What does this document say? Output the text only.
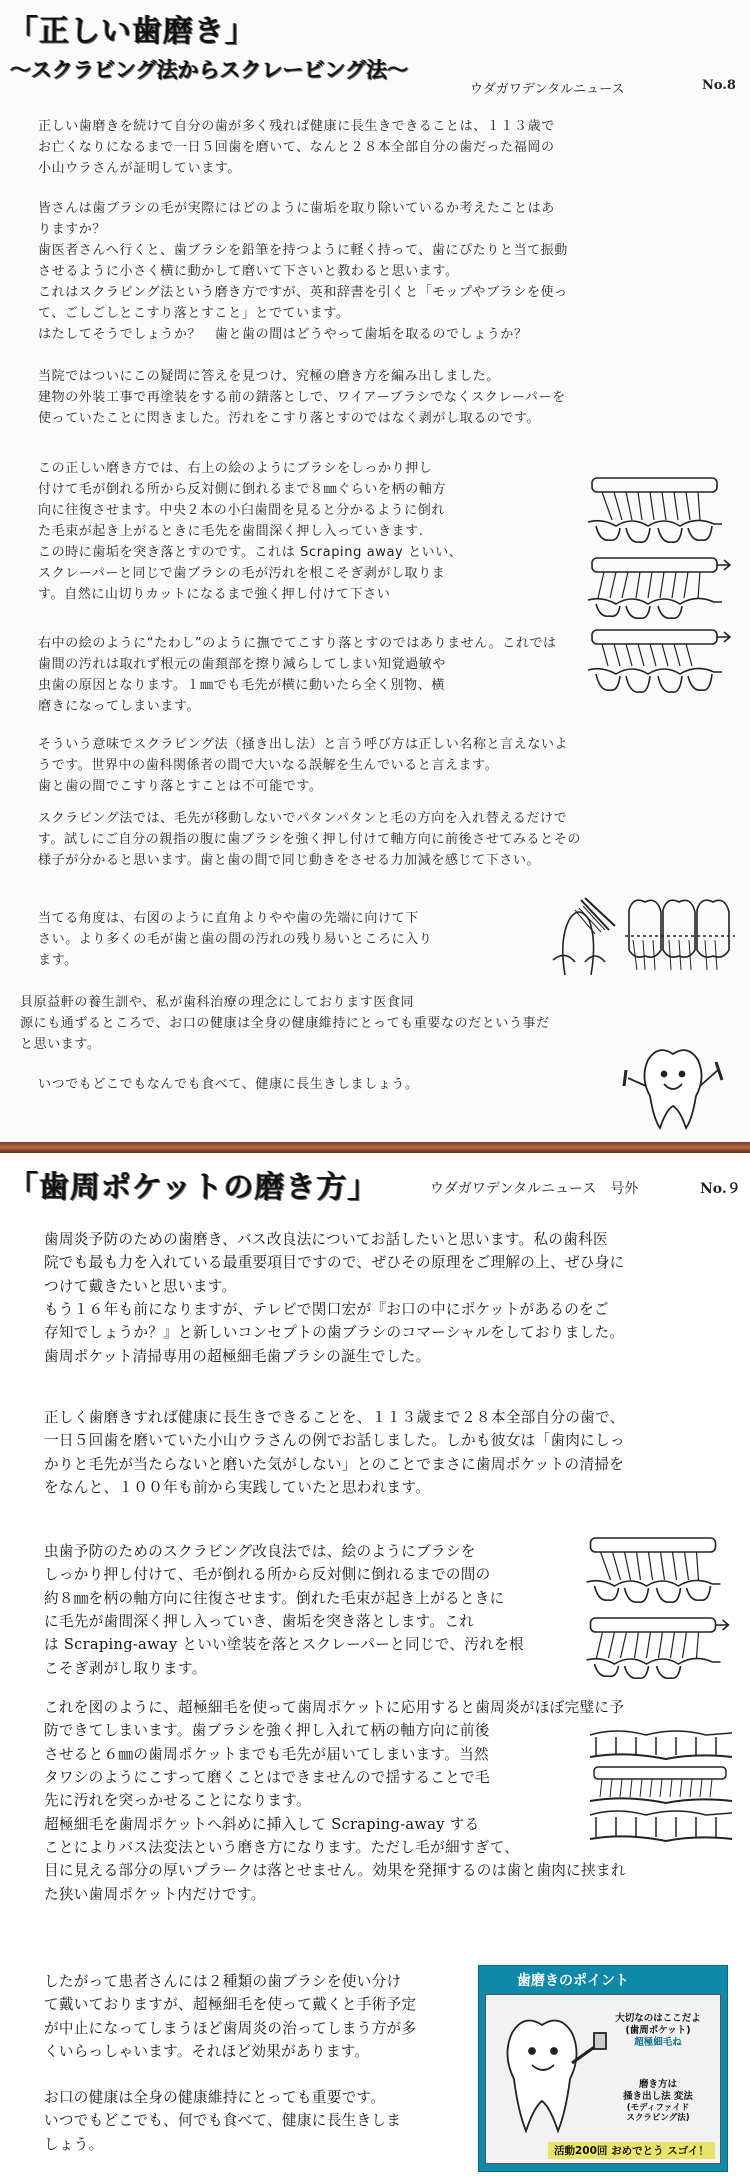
「正しい歯磨き」
～スクラビング法からスクレービング法～
ウダガワデンタルニュース	No.8
正しい歯磨きを続けて自分の歯が多く残れば健康に長生きできることは、１１３歳で
お亡くなりになるまで一日５回歯を磨いて、なんと２８本全部自分の歯だった福岡の
小山ウラさんが証明しています。
皆さんは歯ブラシの毛が実際にはどのように歯垢を取り除いているか考えたことはあ
りますか？
歯医者さんへ行くと、歯ブラシを鉛筆を持つように軽く持って、歯にぴたりと当て振動
させるように小さく横に動かして磨いて下さいと教わると思います。
これはスクラビング法という磨き方ですが、英和辞書を引くと「モップやブラシを使っ
て、ごしごしとこすり落とすこと」とでています。
はたしてそうでしょうか？　歯と歯の間はどうやって歯垢を取るのでしょうか？
当院ではついにこの疑問に答えを見つけ、究極の磨き方を編み出しました。
建物の外装工事で再塗装をする前の錆落としで、ワイアーブラシでなくスクレーパーを
使っていたことに閃きました。汚れをこすり落とすのではなく剥がし取るのです。
この正しい磨き方では、右上の絵のようにブラシをしっかり押し
付けて毛が倒れる所から反対側に倒れるまで８㎜ぐらいを柄の軸方
向に往復させます。中央２本の小臼歯間を見ると分かるように倒れ
た毛束が起き上がるときに毛先を歯間深く押し入っていきます.
この時に歯垢を突き落とすのです。これは Scraping away といい、
スクレーパーと同じで歯ブラシの毛が汚れを根こそぎ剥がし取りま
す。自然に山切りカットになるまで強く押し付けて下さい
右中の絵のように“たわし”のように撫でてこすり落とすのではありません。これでは
歯間の汚れは取れず根元の歯頚部を擦り減らしてしまい知覚過敏や
虫歯の原因となります。１㎜でも毛先が横に動いたら全く別物、横
磨きになってしまいます。
そういう意味でスクラビング法（掻き出し法）と言う呼び方は正しい名称と言えないよ
うです。世界中の歯科関係者の間で大いなる誤解を生んでいると言えます。
歯と歯の間でこすり落とすことは不可能です。
スクラビング法では、毛先が移動しないでパタンパタンと毛の方向を入れ替えるだけで
す。試しにご自分の親指の腹に歯ブラシを強く押し付けて軸方向に前後させてみるとその
様子が分かると思います。歯と歯の間で同じ動きをさせる力加減を感じて下さい。
当てる角度は、右図のように直角よりやや歯の先端に向けて下
さい。より多くの毛が歯と歯の間の汚れの残り易いところに入り
ます。
貝原益軒の養生訓や、私が歯科治療の理念にしております医食同
源にも通ずるところで、お口の健康は全身の健康維持にとっても重要なのだという事だ
と思います。
いつでもどこでもなんでも食べて、健康に長生きしましょう。
「歯周ポケットの磨き方」	ウダガワデンタルニュース　号外	No.９
歯周炎予防のための歯磨き、バス改良法についてお話したいと思います。私の歯科医
院でも最も力を入れている最重要項目ですので、ぜひその原理をご理解の上、ぜひ身に
つけて戴きたいと思います。
もう１６年も前になりますが、テレビで関口宏が『お口の中にポケットがあるのをご
存知でしょうか？』と新しいコンセプトの歯ブラシのコマーシャルをしておりました。
歯周ポケット清掃専用の超極細毛歯ブラシの誕生でした。
正しく歯磨きすれば健康に長生きできることを、１１３歳まで２８本全部自分の歯で、
一日５回歯を磨いていた小山ウラさんの例でお話しました。しかも彼女は「歯肉にしっ
かりと毛先が当たらないと磨いた気がしない」とのことでまさに歯周ポケットの清掃を
をなんと、１００年も前から実践していたと思われます。
虫歯予防のためのスクラビング改良法では、絵のようにブラシを
しっかり押し付けて、毛が倒れる所から反対側に倒れるまでの間の
約８㎜を柄の軸方向に往復させます。倒れた毛束が起き上がるときに
に毛先が歯間深く押し入っていき、歯垢を突き落とします。これ
は Scraping-away といい塗装を落とスクレーパーと同じで、汚れを根
こそぎ剥がし取ります。
これを図のように、超極細毛を使って歯周ポケットに応用すると歯周炎がほぼ完璧に予
防できてしまいます。歯ブラシを強く押し入れて柄の軸方向に前後
させると６㎜の歯周ポケットまでも毛先が届いてしまいます。当然
タワシのようにこすって磨くことはできませんので揺することで毛
先に汚れを突っかせることになります。
超極細毛を歯周ポケットへ斜めに挿入して Scraping-away する
ことによりバス法変法という磨き方になります。ただし毛が細すぎて、
目に見える部分の厚いプラークは落とせません。効果を発揮するのは歯と歯肉に挟まれ
た狭い歯周ポケット内だけです。
したがって患者さんには２種類の歯ブラシを使い分け
て戴いておりますが、超極細毛を使って戴くと手術予定
が中止になってしまうほど歯周炎の治ってしまう方が多
くいらっしゃいます。それほど効果があります。
お口の健康は全身の健康維持にとっても重要です。
いつでもどこでも、何でも食べて、健康に長生きしま
しょう。
歯磨きのポイント
大切なのはここだよ
(歯周ポケット)
超極細毛ね
磨き方は
掻き出し法 変法
(モディファイド
スクラビング法)
活動200回 おめでとう スゴイ！
